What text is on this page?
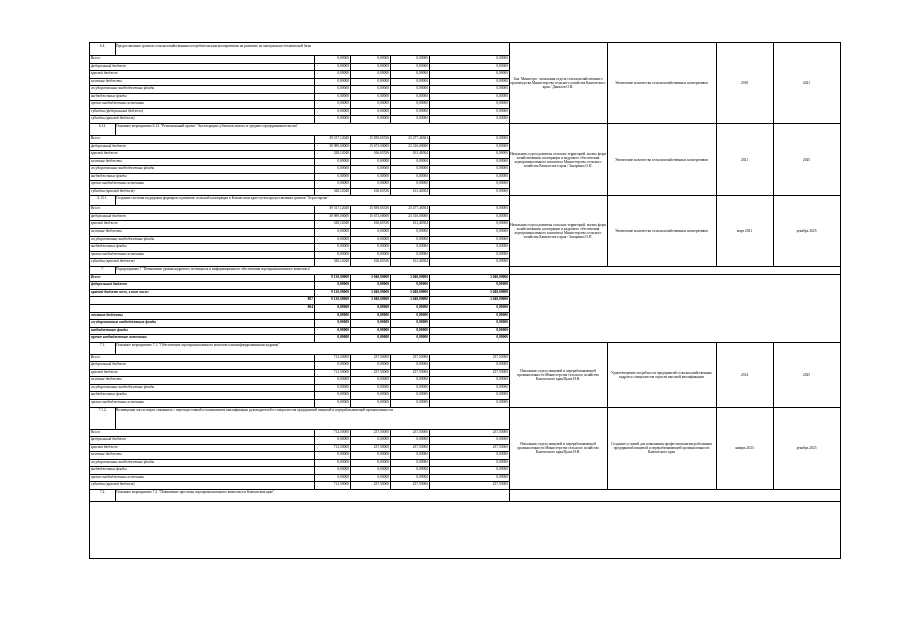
6.4.	Предоставление грантов сельскохозяйственным потребительским кооперативам на развитие их материально-технической базы
Всего:	0,00000	0,00000	0,00000	0,00000
федеральный бюджет	0,00000	0,00000	0,00000	0,00000
краевой бюджет	0,00000	0,00000	0,00000	0,00000
местные бюджеты	0,00000	0,00000	0,00000	0,00000
государственные внебюджетные фонды	0,00000	0,00000	0,00000	0,00000
внебюджетные фонды	0,00000	0,00000	0,00000	0,00000
прочие внебюджетные источники	0,00000	0,00000	0,00000	0,00000
субсидии (федеральный бюджет)	0,00000	0,00000	0,00000	0,00000
субсидии (краевой бюджет)	0,00000	0,00000	0,00000	0,00000
Зам. Министра - начальник отдела сельскохозяйственного производства Министерства сельского хозяйства Камчатского края / Данилов О.В.
Увеличение количества сельскохозяйственных кооперативов	2018	2021
6.13.	Основное мероприятие 6.13. "Региональный проект "Акселерация субъектов малого и среднего предпринимательства"
Всего:	39 317,12040	15 839,65536	23 477,46504	0,00000
федеральный бюджет	38 989,00000	15 673,00000	23 316,00000	0,00000
краевой бюджет	328,12040	166,65536	161,46504	0,00000
местные бюджеты	0,00000	0,00000	0,00000	0,00000
государственные внебюджетные фонды	0,00000	0,00000	0,00000	0,00000
внебюджетные фонды	0,00000	0,00000	0,00000	0,00000
прочие внебюджетные источники	0,00000	0,00000	0,00000	0,00000
субсидии (краевой бюджет)	328,12040	166,65536	161,46504	0,00000
Начальник отдела развития сельских территорий, малых форм хозяйствования, кооперации и кадрового обеспечения агропромышленного комплекса Министерства сельского хозяйства Камчатского края / Захаренко О.П.
Увеличение количества сельскохозяйственных кооперативов	2021	2025
6.13.1.	Создание системы поддержки фермеров и развитие сельской кооперации в Камчатском крае путем предоставления грантов "Агростартап"
Всего:	39 317,12040	15 839,65536	23 477,46504	0,00000
федеральный бюджет	38 989,00000	15 673,00000	23 316,00000	0,00000
краевой бюджет	328,12040	166,65536	161,46504	0,00000
местные бюджеты	0,00000	0,00000	0,00000	0,00000
государственные внебюджетные фонды	0,00000	0,00000	0,00000	0,00000
внебюджетные фонды	0,00000	0,00000	0,00000	0,00000
прочие внебюджетные источники	0,00000	0,00000	0,00000	0,00000
субсидии (краевой бюджет)	328,12040	166,65536	161,46504	0,00000
Начальник отдела развития сельских территорий, малых форм хозяйствования, кооперации и кадрового обеспечения агропромышленного комплекса Министерства сельского хозяйства Камчатского края / Захаренко О.П.
Увеличение количества сельскохозяйственных кооперативов	март 2021	декабрь 2025
7.	Подпрограмма 7 "Повышение уровня кадрового потенциала и информационного обеспечения агропромышленного комплекса"
Всего:	9 120,00000	3 040,00000	3 040,00000	3 040,00000
федеральный бюджет	0,00000	0,00000	0,00000	0,00000
краевой бюджет всего, в том числе:	9 120,00000	3 040,00000	3 040,00000	3 040,00000
807	9 120,00000	3 040,00000	3 040,00000	3 040,00000
804	0,00000	0,00000	0,00000	0,00000
местные бюджеты	0,00000	0,00000	0,00000	0,00000
государственные внебюджетные фонды	0,00000	0,00000	0,00000	0,00000
внебюджетные фонды	0,00000	0,00000	0,00000	0,00000
прочие внебюджетные источники	0,00000	0,00000	0,00000	0,00000
7.1.	Основное мероприятие 7.1. "Обеспечение агропромышленного комплекса квалифицированными кадрами"
Всего:	712,50000	237,50000	237,50000	237,50000
федеральный бюджет	0,00000	0,00000	0,00000	0,00000
краевой бюджет	712,50000	237,50000	237,50000	237,50000
местные бюджеты	0,00000	0,00000	0,00000	0,00000
государственные внебюджетные фонды	0,00000	0,00000	0,00000	0,00000
внебюджетные фонды	0,00000	0,00000	0,00000	0,00000
прочие внебюджетные источники	0,00000	0,00000	0,00000	0,00000
Начальник отдела пищевой и перерабатывающей промышленности Министерства сельского хозяйства Камчатского края/Цыпа Н.Н.
Удовлетворение потребности предприятий сельскохозяйственных кадров и специалистов отрасли высокой квалификации	2014	2025
7.1.2.	Возмещение части затрат, связанных с переподготовкой и повышением квалификации руководителей и специалистов предприятий пищевой и перерабатывающей промышленности
Всего:	712,50000	237,50000	237,50000	237,50000
федеральный бюджет	0,00000	0,00000	0,00000	0,00000
краевой бюджет	712,50000	237,50000	237,50000	237,50000
местные бюджеты	0,00000	0,00000	0,00000	0,00000
государственные внебюджетные фонды	0,00000	0,00000	0,00000	0,00000
внебюджетные фонды	0,00000	0,00000	0,00000	0,00000
прочие внебюджетные источники	0,00000	0,00000	0,00000	0,00000
субсидии (краевой бюджет)	712,50000	237,50000	237,50000	237,50000
Начальник отдела пищевой и перерабатывающей промышленности Министерства сельского хозяйства Камчатского края/Цыпа Н.Н.
Создание условий для повышения профессионализма работников предприятий пищевой и перерабатывающей промышленности Камчатского края
январь 2023	декабрь 2025
7.2.	Основное мероприятие 7.2. "Повышение престижа агропромышленного комплекса в Камчатском крае"
